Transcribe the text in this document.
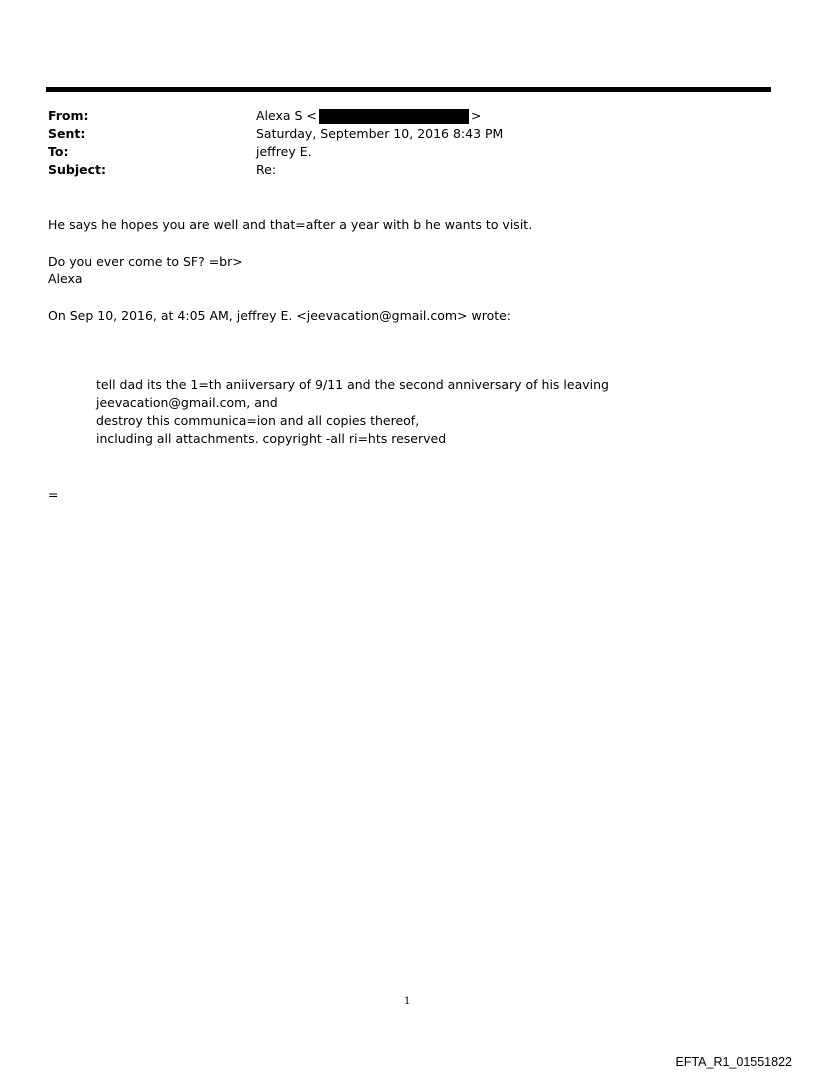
From:	Alexa S <	>
Sent:	Saturday, September 10, 2016 8:43 PM
To:	jeffrey E.
Subject:	Re:
He says he hopes you are well and that=after a year with b he wants to visit.
Do you ever come to SF? =br>
Alexa
On Sep 10, 2016, at 4:05 AM, jeffrey E. <jeevacation@gmail.com> wrote:
tell dad its the 1=th aniiversary of 9/11 and the second anniversary of his leaving
jeevacation@gmail.com, and
destroy this communica=ion and all copies thereof,
including all attachments. copyright -all ri=hts reserved
=
1
EFTA_R1_01551822
